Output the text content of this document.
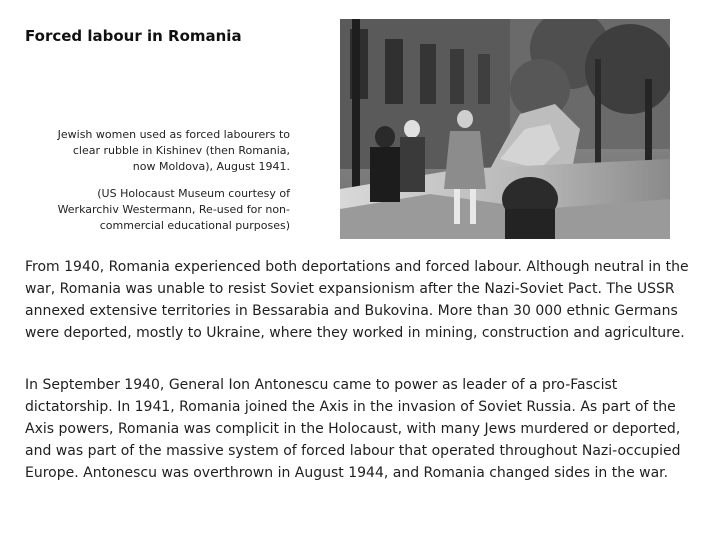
Forced labour in Romania
Jewish women used as forced labourers to clear rubble in Kishinev (then Romania, now Moldova), August 1941.
(US Holocaust Museum courtesy of Werkarchiv Westermann, Re-used for non-commercial educational purposes)

From 1940, Romania experienced both deportations and forced labour. Although neutral in the war, Romania was unable to resist Soviet expansionism after the Nazi-Soviet Pact. The USSR annexed extensive territories in Bessarabia and Bukovina. More than 30 000 ethnic Germans were deported, mostly to Ukraine, where they worked in mining, construction and agriculture.

In September 1940, General Ion Antonescu came to power as leader of a pro-Fascist dictatorship. In 1941, Romania joined the Axis in the invasion of Soviet Russia. As part of the Axis powers, Romania was complicit in the Holocaust, with many Jews murdered or deported, and was part of the massive system of forced labour that operated throughout Nazi-occupied Europe. Antonescu was overthrown in August 1944, and Romania changed sides in the war.
